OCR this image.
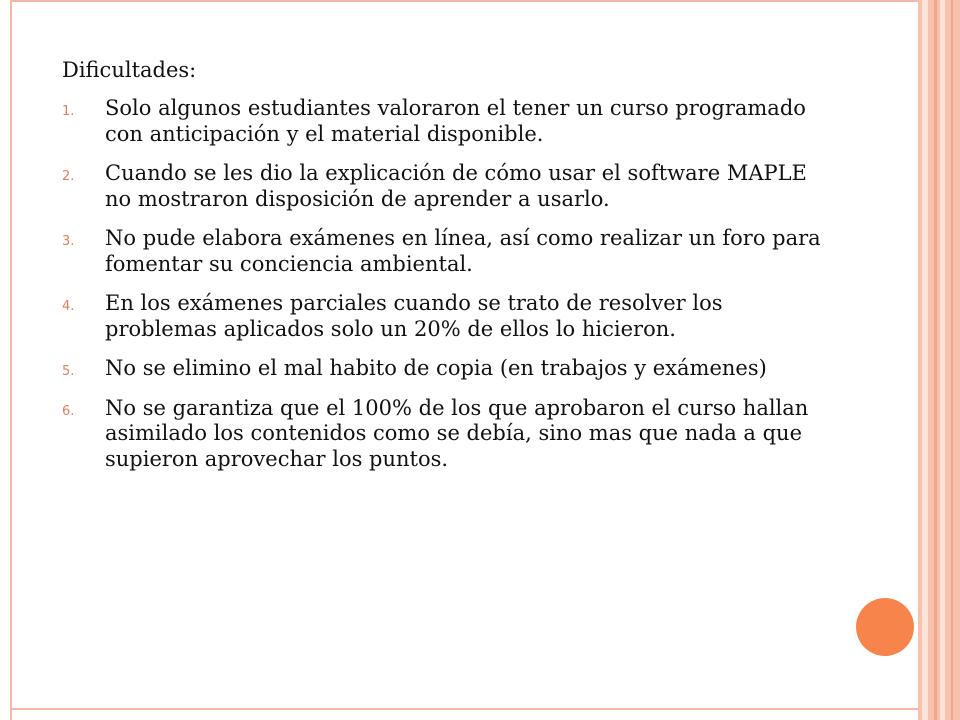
Dificultades:
1. Solo algunos estudiantes valoraron el tener un curso programado con anticipación y el material disponible.
2. Cuando se les dio la explicación de cómo usar el software MAPLE no mostraron disposición de aprender a usarlo.
3. No pude elabora exámenes en línea, así como realizar un foro para fomentar su conciencia ambiental.
4. En los exámenes parciales cuando se trato de resolver los problemas aplicados solo un 20% de ellos lo hicieron.
5. No se elimino el mal habito de copia (en trabajos y exámenes)
6. No se garantiza que el 100% de los que aprobaron el curso hallan asimilado los contenidos como se debía, sino mas que nada a que supieron aprovechar los puntos.
